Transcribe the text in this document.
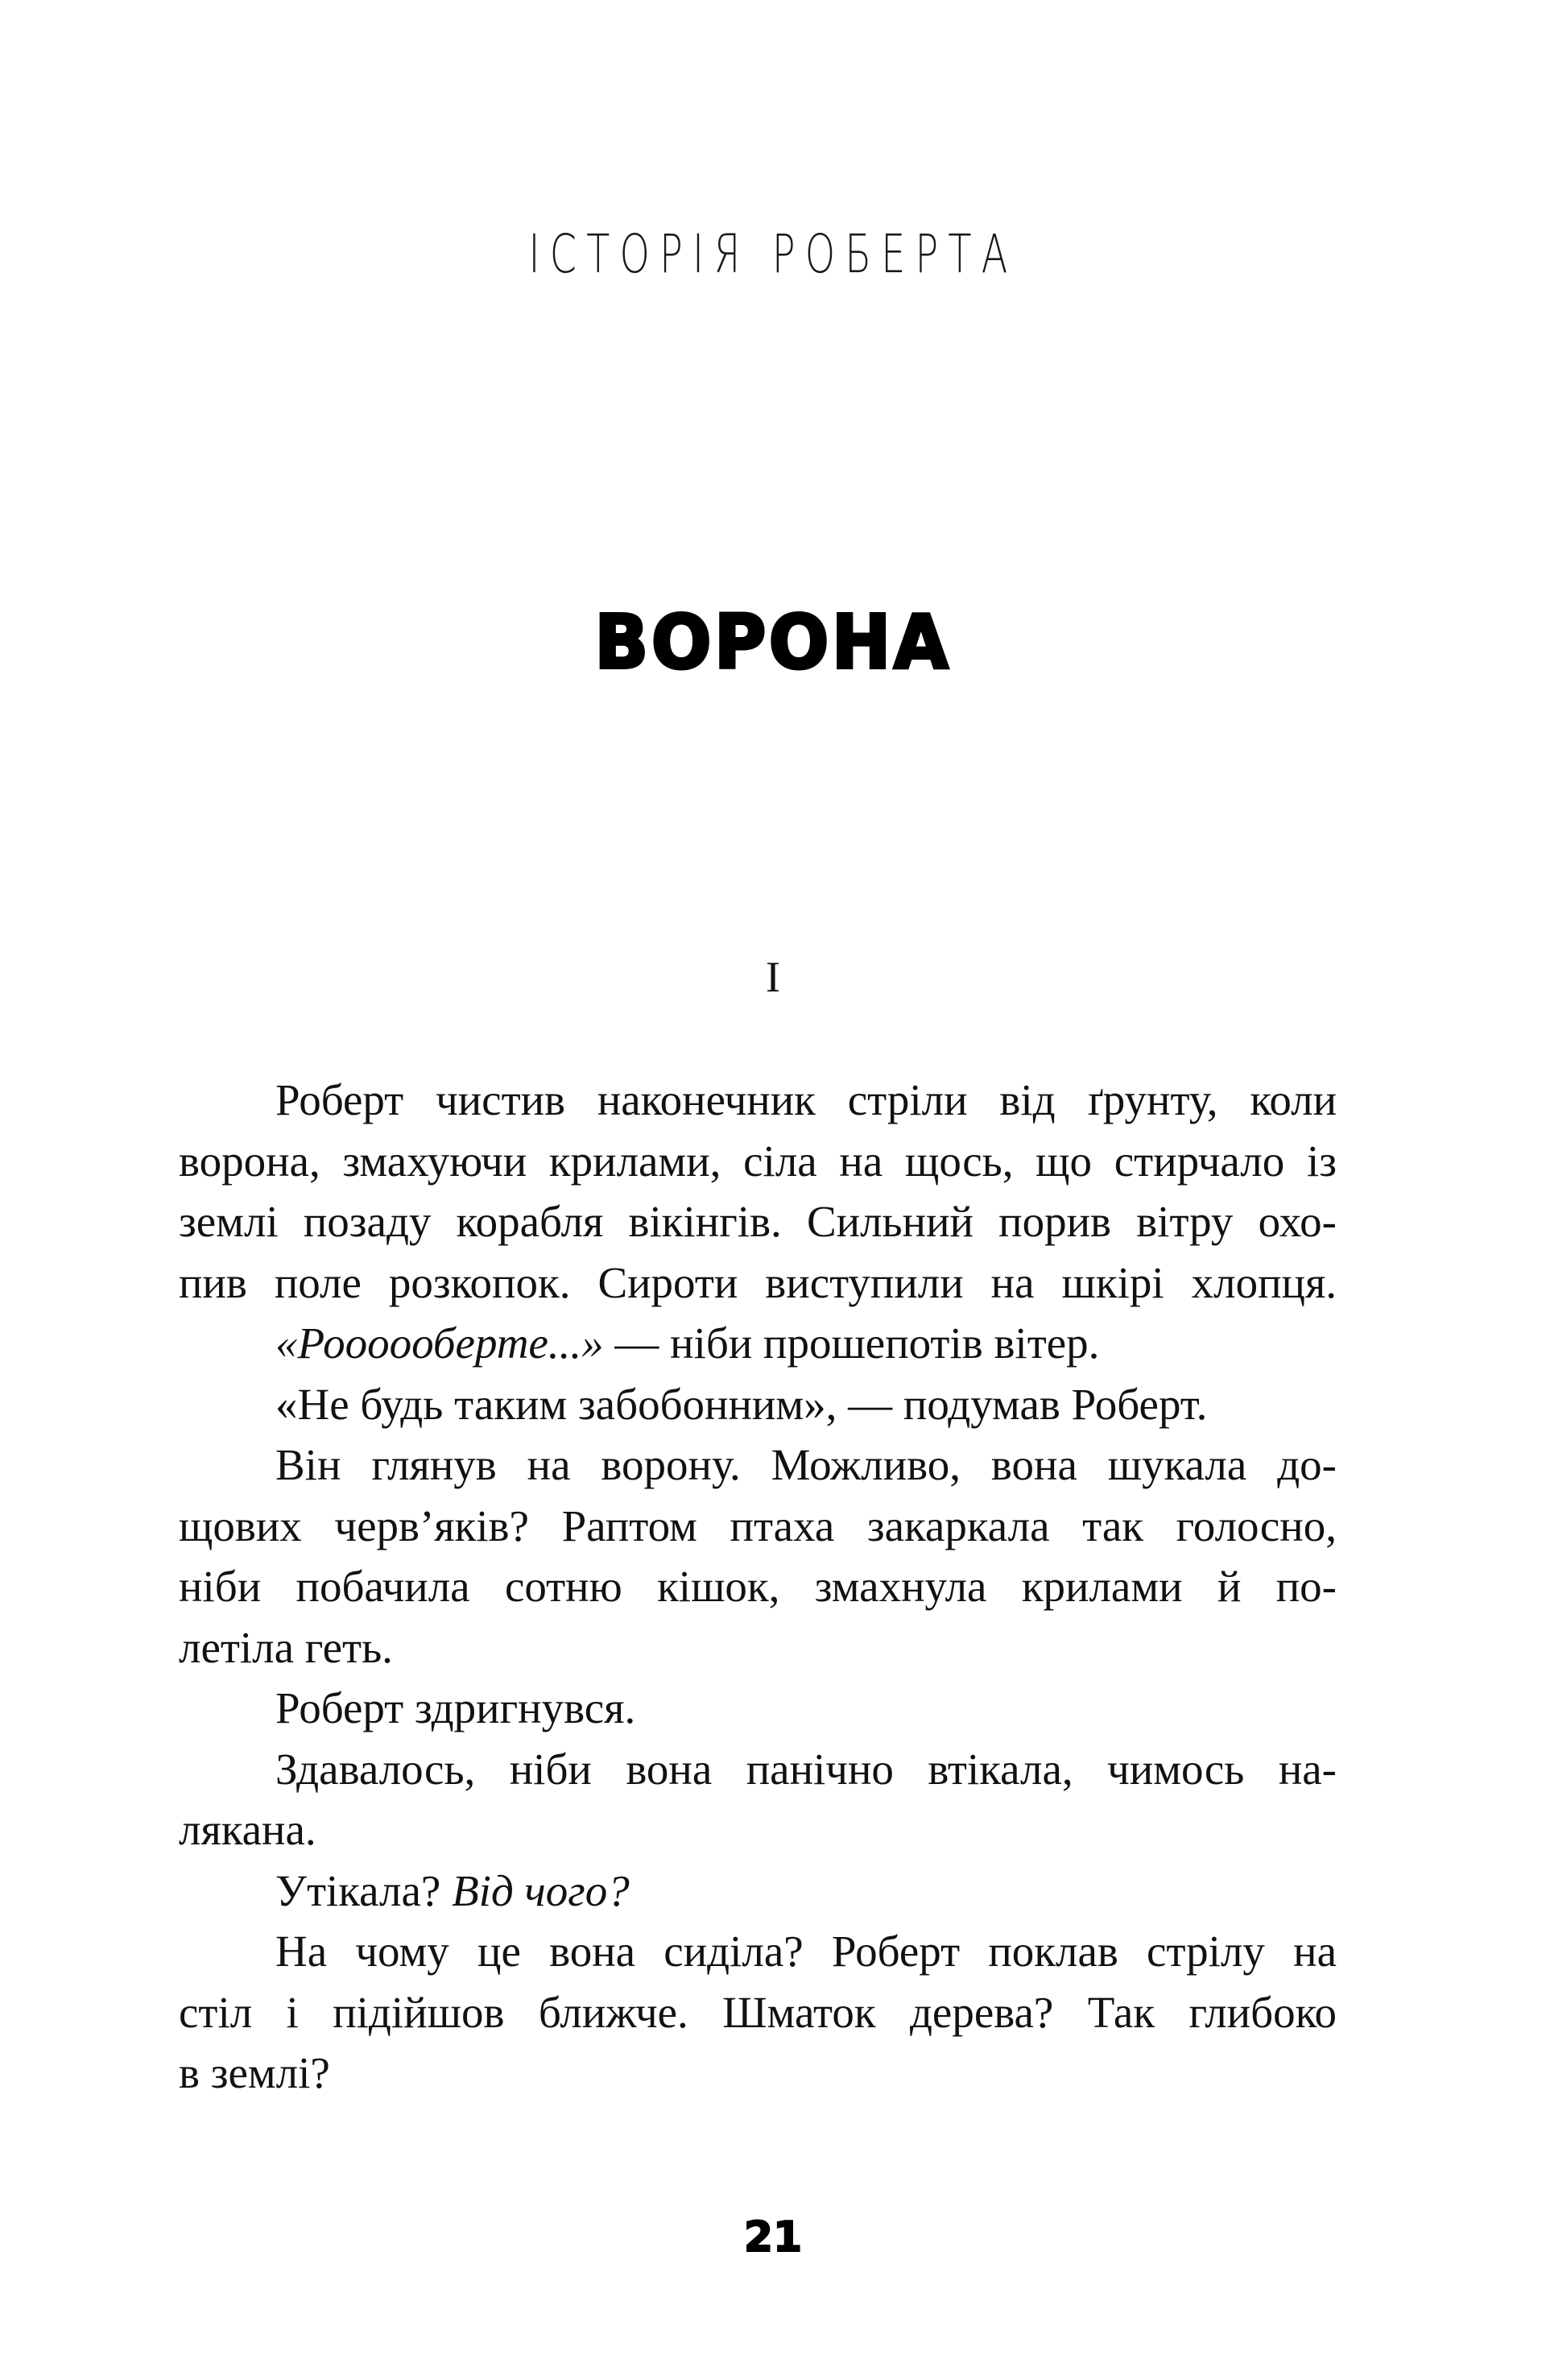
ІСТОРІЯ РОБЕРТА
ВОРОНА
I
Роберт чистив наконечник стріли від ґрунту, коли
ворона, змахуючи крилами, сіла на щось, що стирчало із
землі позаду корабля вікінгів. Сильний порив вітру охо-
пив поле розкопок. Сироти виступили на шкірі хлопця.
«Роооооберте...» — ніби прошепотів вітер.
«Не будь таким забобонним», — подумав Роберт.
Він глянув на ворону. Можливо, вона шукала до-
щових черв’яків? Раптом птаха закаркала так голосно,
ніби побачила сотню кішок, змахнула крилами й по-
летіла геть.
Роберт здригнувся.
Здавалось, ніби вона панічно втікала, чимось на-
лякана.
Утікала? Від чого?
На чому це вона сиділа? Роберт поклав стрілу на
стіл і підійшов ближче. Шматок дерева? Так глибоко
в землі?
21
